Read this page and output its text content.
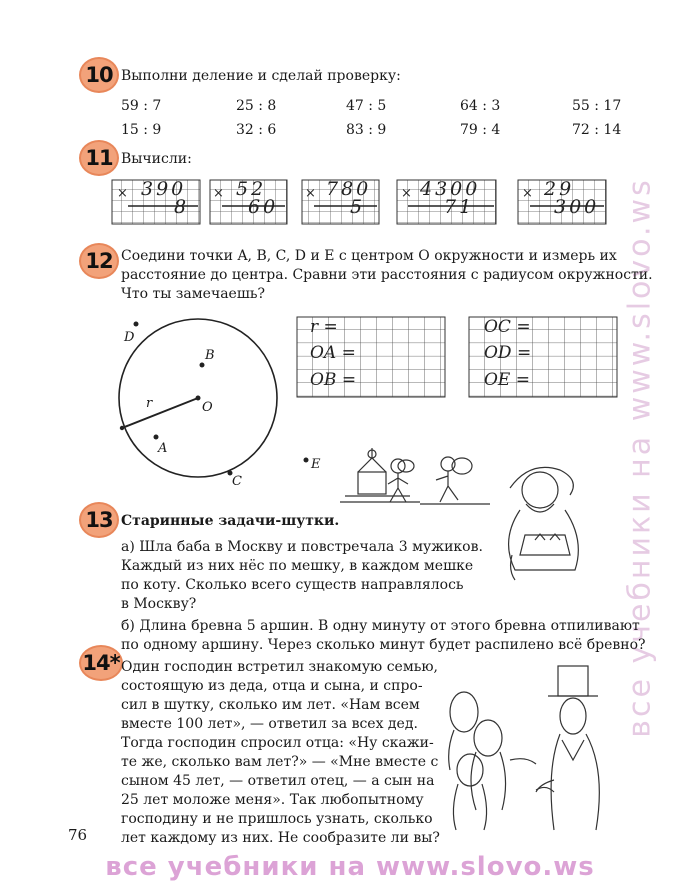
все учебники на www.slovo.ws
10 Выполни деление и сделай проверку:
59 : 7	25 : 8	47 : 5	64 : 3	55 : 17
15 : 9	32 : 6	83 : 9	79 : 4	72 : 14
11 Вычисли:
× 390
8
× 52
60
× 780
5
× 4300
71
× 29
300
12 Соедини точки A, B, C, D и E с центром O окружности и измерь их
расстояние до центра. Сравни эти расстояния с радиусом окружности.
Что ты замечаешь?
D
B
O
r
A
C
E
r =
OA =
OB =
OC =
OD =
OE =
13 Старинные задачи-шутки.
а) Шла баба в Москву и повстречала 3 мужиков.
Каждый из них нёс по мешку, в каждом мешке
по коту. Сколько всего существ направлялось
в Москву?
б) Длина бревна 5 аршин. В одну минуту от этого бревна отпиливают
по одному аршину. Через сколько минут будет распилено всё бревно?
14* Один господин встретил знакомую семью,
состоящую из деда, отца и сына, и спро-
сил в шутку, сколько им лет. «Нам всем
вместе 100 лет», — ответил за всех дед.
Тогда господин спросил отца: «Ну скажи-
те же, сколько вам лет?» — «Мне вместе с
сыном 45 лет, — ответил отец, — а сын на
25 лет моложе меня». Так любопытному
господину и не пришлось узнать, сколько
лет каждому из них. Не сообразите ли вы?
76
все учебники на www.slovo.ws
